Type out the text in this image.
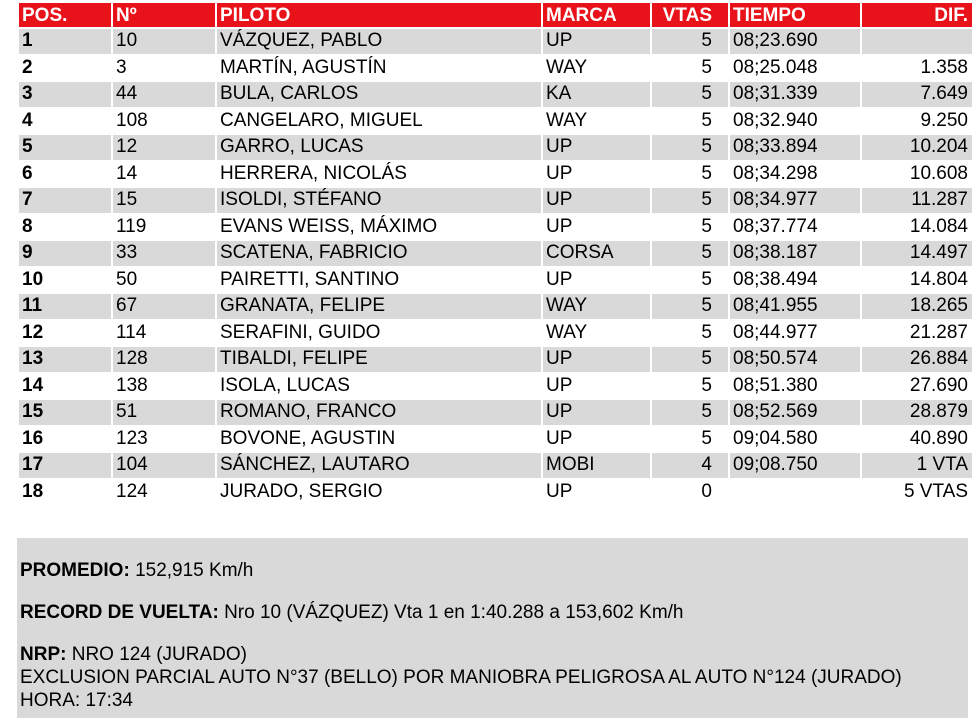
POS.	Nº	PILOTO	MARCA	VTAS	TIEMPO	DIF.
1	10	VÁZQUEZ, PABLO	UP	5	08;23.690	
2	3	MARTÍN, AGUSTÍN	WAY	5	08;25.048	1.358
3	44	BULA, CARLOS	KA	5	08;31.339	7.649
4	108	CANGELARO, MIGUEL	WAY	5	08;32.940	9.250
5	12	GARRO, LUCAS	UP	5	08;33.894	10.204
6	14	HERRERA, NICOLÁS	UP	5	08;34.298	10.608
7	15	ISOLDI, STÉFANO	UP	5	08;34.977	11.287
8	119	EVANS WEISS, MÁXIMO	UP	5	08;37.774	14.084
9	33	SCATENA, FABRICIO	CORSA	5	08;38.187	14.497
10	50	PAIRETTI, SANTINO	UP	5	08;38.494	14.804
11	67	GRANATA, FELIPE	WAY	5	08;41.955	18.265
12	114	SERAFINI, GUIDO	WAY	5	08;44.977	21.287
13	128	TIBALDI, FELIPE	UP	5	08;50.574	26.884
14	138	ISOLA, LUCAS	UP	5	08;51.380	27.690
15	51	ROMANO, FRANCO	UP	5	08;52.569	28.879
16	123	BOVONE, AGUSTIN	UP	5	09;04.580	40.890
17	104	SÁNCHEZ, LAUTARO	MOBI	4	09;08.750	1 VTA
18	124	JURADO, SERGIO	UP	0		5 VTAS
PROMEDIO: 152,915 Km/h
RECORD DE VUELTA: Nro 10 (VÁZQUEZ) Vta 1 en 1:40.288 a 153,602 Km/h
NRP: NRO 124 (JURADO)
EXCLUSION PARCIAL AUTO N°37 (BELLO) POR MANIOBRA PELIGROSA AL AUTO N°124 (JURADO)
HORA: 17:34
